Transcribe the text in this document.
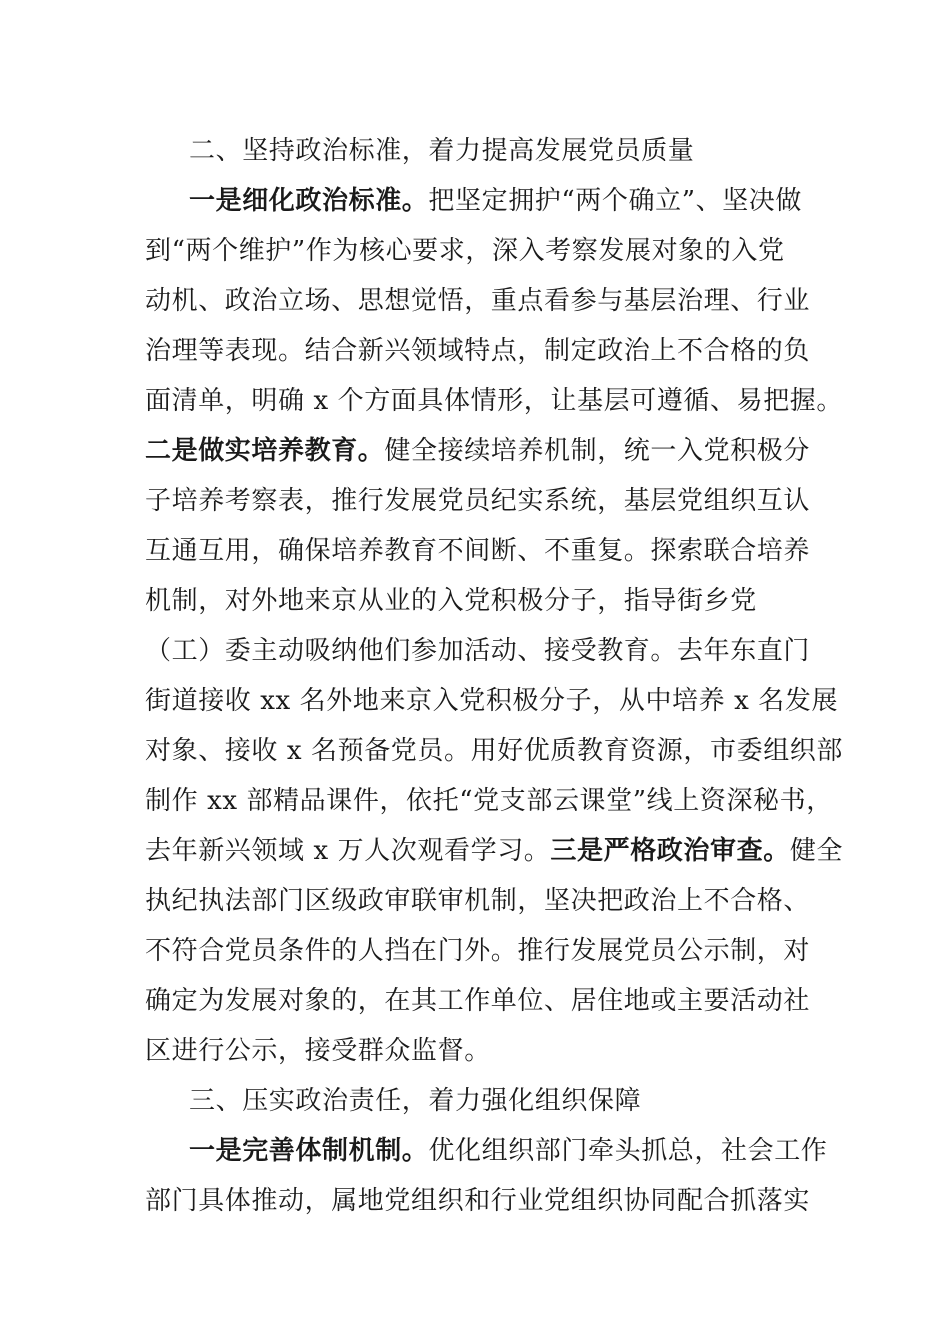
二、坚持政治标准，着力提高发展党员质量
一是细化政治标准。把坚定拥护“两个确立”、坚决做
到“两个维护”作为核心要求，深入考察发展对象的入党
动机、政治立场、思想觉悟，重点看参与基层治理、行业
治理等表现。结合新兴领域特点，制定政治上不合格的负
面清单，明确 x 个方面具体情形，让基层可遵循、易把握。
二是做实培养教育。健全接续培养机制，统一入党积极分
子培养考察表，推行发展党员纪实系统，基层党组织互认
互通互用，确保培养教育不间断、不重复。探索联合培养
机制，对外地来京从业的入党积极分子，指导街乡党
（工）委主动吸纳他们参加活动、接受教育。去年东直门
街道接收 xx 名外地来京入党积极分子，从中培养 x 名发展
对象、接收 x 名预备党员。用好优质教育资源，市委组织部
制作 xx 部精品课件，依托“党支部云课堂”线上资深秘书，
去年新兴领域 x 万人次观看学习。三是严格政治审查。健全
执纪执法部门区级政审联审机制，坚决把政治上不合格、
不符合党员条件的人挡在门外。推行发展党员公示制，对
确定为发展对象的，在其工作单位、居住地或主要活动社
区进行公示，接受群众监督。
三、压实政治责任，着力强化组织保障
一是完善体制机制。优化组织部门牵头抓总，社会工作
部门具体推动，属地党组织和行业党组织协同配合抓落实
